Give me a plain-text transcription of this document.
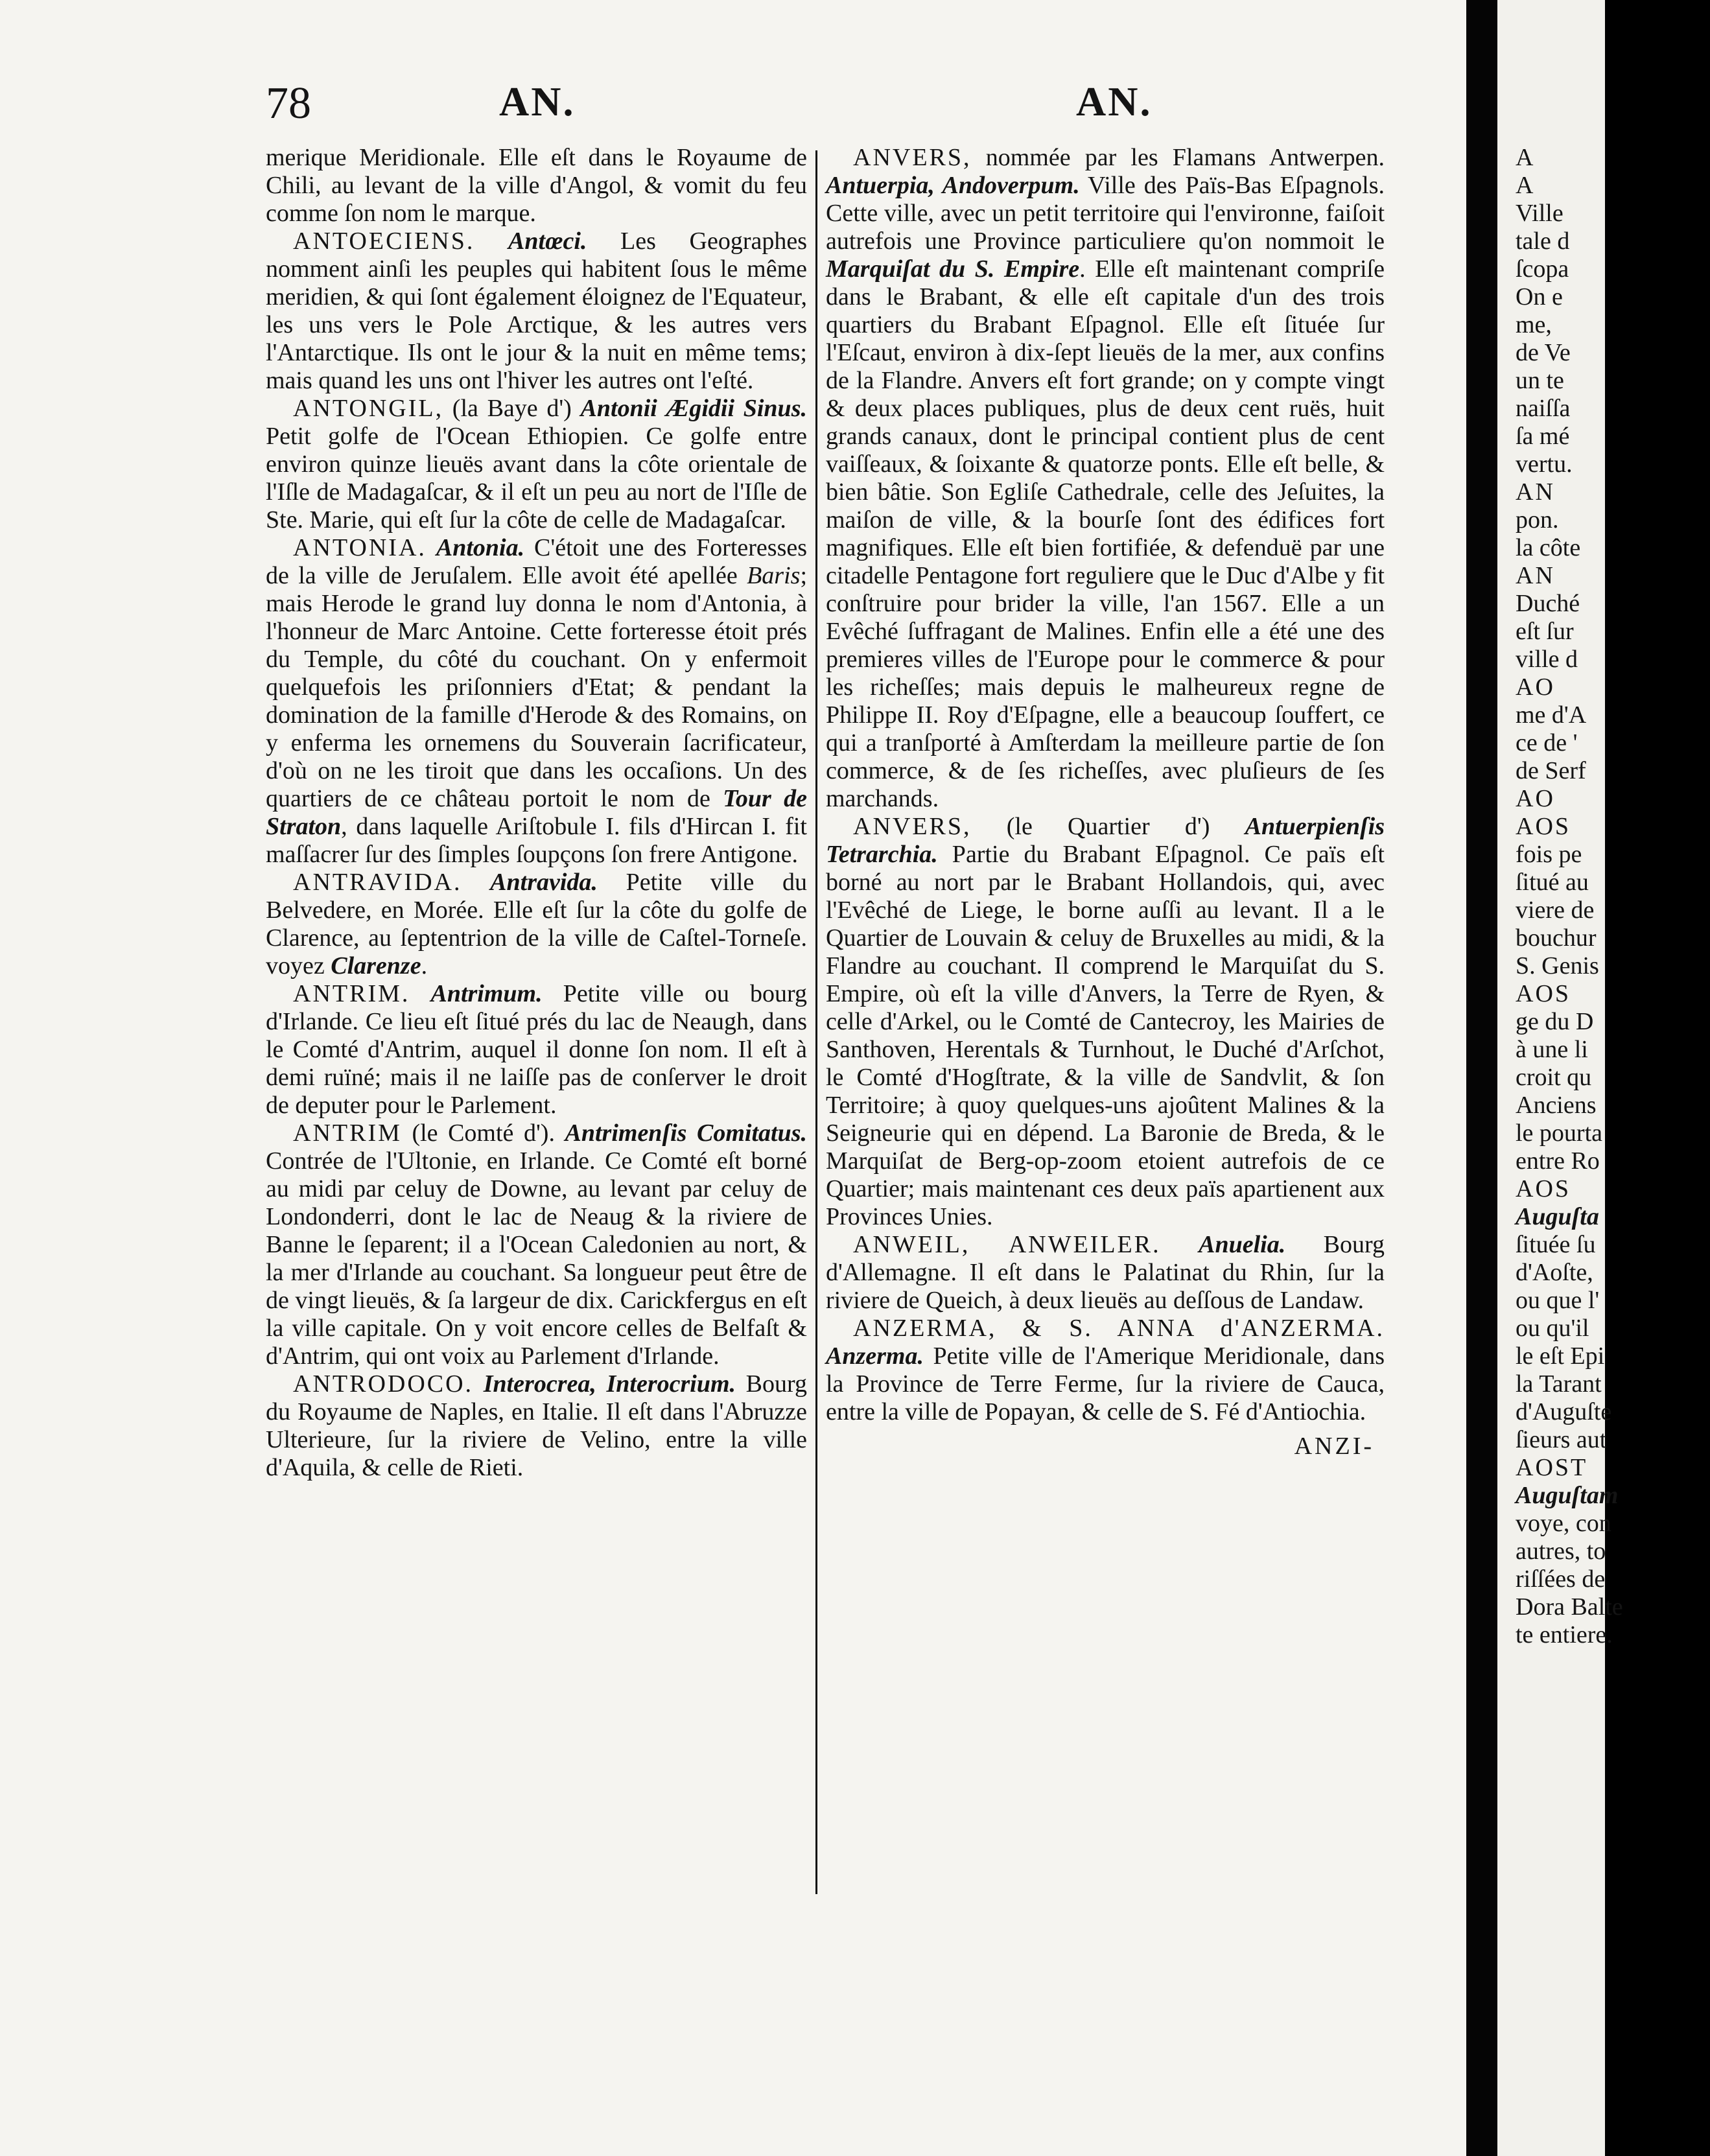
78	AN.	AN.

merique Meridionale. Elle eſt dans le Royaume de Chili, au levant de la ville d'Angol, & vomit du feu comme ſon nom le marque.

ANTOECIENS. Antœci. Les Geographes nomment ainſi les peuples qui habitent ſous le même meridien, & qui ſont également éloignez de l'Equateur, les uns vers le Pole Arctique, & les autres vers l'Antarctique. Ils ont le jour & la nuit en même tems; mais quand les uns ont l'hiver les autres ont l'eſté.

ANTONGIL, (la Baye d') Antonii Ægidii Sinus. Petit golfe de l'Ocean Ethiopien. Ce golfe entre environ quinze lieuës avant dans la côte orientale de l'Iſle de Madagaſcar, & il eſt un peu au nort de l'Iſle de Ste. Marie, qui eſt ſur la côte de celle de Madagaſcar.

ANTONIA. Antonia. C'étoit une des Forteresses de la ville de Jeruſalem. Elle avoit été apellée Baris; mais Herode le grand luy donna le nom d'Antonia, à l'honneur de Marc Antoine. Cette forteresse étoit prés du Temple, du côté du couchant. On y enfermoit quelquefois les priſonniers d'Etat; & pendant la domination de la famille d'Herode & des Romains, on y enferma les ornemens du Souverain ſacrificateur, d'où on ne les tiroit que dans les occaſions. Un des quartiers de ce château portoit le nom de Tour de Straton, dans laquelle Ariſtobule I. fils d'Hircan I. fit maſſacrer ſur des ſimples ſoupçons ſon frere Antigone.

ANTRAVIDA. Antravida. Petite ville du Belvedere, en Morée. Elle eſt ſur la côte du golfe de Clarence, au ſeptentrion de la ville de Caſtel-Torneſe. voyez Clarenze.

ANTRIM. Antrimum. Petite ville ou bourg d'Irlande. Ce lieu eſt ſitué prés du lac de Neaugh, dans le Comté d'Antrim, auquel il donne ſon nom. Il eſt à demi ruïné; mais il ne laiſſe pas de conſerver le droit de deputer pour le Parlement.

ANTRIM (le Comté d'). Antrimenſis Comitatus. Contrée de l'Ultonie, en Irlande. Ce Comté eſt borné au midi par celuy de Downe, au levant par celuy de Londonderri, dont le lac de Neaug & la riviere de Banne le ſeparent; il a l'Ocean Caledonien au nort, & la mer d'Irlande au couchant. Sa longueur peut être de de vingt lieuës, & ſa largeur de dix. Carickfergus en eſt la ville capitale. On y voit encore celles de Belfaſt & d'Antrim, qui ont voix au Parlement d'Irlande.

ANTRODOCO. Interocrea, Interocrium. Bourg du Royaume de Naples, en Italie. Il eſt dans l'Abruzze Ulterieure, ſur la riviere de Velino, entre la ville d'Aquila, & celle de Rieti.

ANVERS, nommée par les Flamans Antwerpen. Antuerpia, Andoverpum. Ville des Païs-Bas Eſpagnols. Cette ville, avec un petit territoire qui l'environne, faiſoit autrefois une Province particuliere qu'on nommoit le Marquiſat du S. Empire. Elle eſt maintenant compriſe dans le Brabant, & elle eſt capitale d'un des trois quartiers du Brabant Eſpagnol. Elle eſt ſituée ſur l'Eſcaut, environ à dix-ſept lieuës de la mer, aux confins de la Flandre. Anvers eſt fort grande; on y compte vingt & deux places publiques, plus de deux cent ruës, huit grands canaux, dont le principal contient plus de cent vaiſſeaux, & ſoixante & quatorze ponts. Elle eſt belle, & bien bâtie. Son Egliſe Cathedrale, celle des Jeſuites, la maiſon de ville, & la bourſe ſont des édifices fort magnifiques. Elle eſt bien fortifiée, & defenduë par une citadelle Pentagone fort reguliere que le Duc d'Albe y fit conſtruire pour brider la ville, l'an 1567. Elle a un Evêché ſuffragant de Malines. Enfin elle a été une des premieres villes de l'Europe pour le commerce & pour les richeſſes; mais depuis le malheureux regne de Philippe II. Roy d'Eſpagne, elle a beaucoup ſouffert, ce qui a tranſporté à Amſterdam la meilleure partie de ſon commerce, & de ſes richeſſes, avec pluſieurs de ſes marchands.

ANVERS, (le Quartier d') Antuerpienſis Tetrarchia. Partie du Brabant Eſpagnol. Ce païs eſt borné au nort par le Brabant Hollandois, qui, avec l'Evêché de Liege, le borne auſſi au levant. Il a le Quartier de Louvain & celuy de Bruxelles au midi, & la Flandre au couchant. Il comprend le Marquiſat du S. Empire, où eſt la ville d'Anvers, la Terre de Ryen, & celle d'Arkel, ou le Comté de Cantecroy, les Mairies de Santhoven, Herentals & Turnhout, le Duché d'Arſchot, le Comté d'Hogſtrate, & la ville de Sandvlit, & ſon Territoire; à quoy quelques-uns ajoûtent Malines & la Seigneurie qui en dépend. La Baronie de Breda, & le Marquiſat de Berg-op-zoom etoient autrefois de ce Quartier; mais maintenant ces deux païs apartienent aux Provinces Unies.

ANWEIL, ANWEILER. Anuelia. Bourg d'Allemagne. Il eſt dans le Palatinat du Rhin, ſur la riviere de Queich, à deux lieuës au deſſous de Landaw.

ANZERMA, & S. ANNA d'ANZERMA. Anzerma. Petite ville de l'Amerique Meridionale, dans la Province de Terre Ferme, ſur la riviere de Cauca, entre la ville de Popayan, & celle de S. Fé d'Antiochia.

ANZI-
A
A
Ville
tale d
ſcopa
On e
me,
de Ve
un te
naiſſa
ſa mé
vertu.
AN
pon.
la côte
AN
Duché
eſt ſur
ville d
AO
me d'A
ce de '
de Serf
AO
AOS
fois pe
ſitué au
viere de
bouchur
S. Genis
AOS
ge du D
à une li
croit qu
Anciens
le pourta
entre Ro
AOS
Auguſta
ſituée ſu
d'Aoſte,
ou que l'
ou qu'il
le eſt Epi
la Tarant
d'Auguſte
ſieurs aut
AOST
Auguſtam
voye, con
autres, to
riſſées de
Dora Balte
te entiere.
